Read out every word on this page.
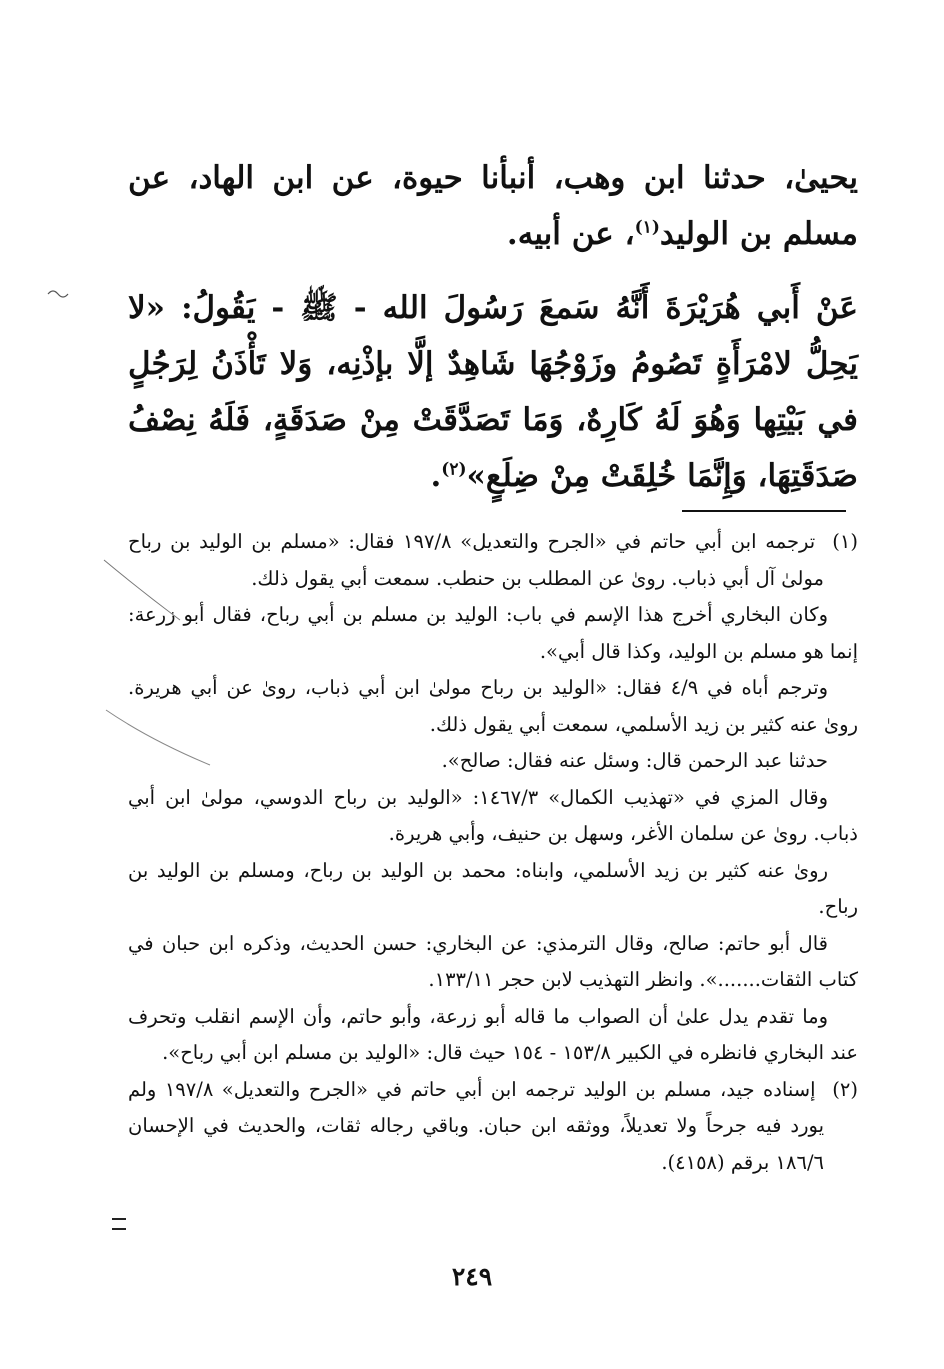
يحيىٰ، حدثنا ابن وهب، أنبأنا حيوة، عن ابن الهاد، عن مسلم بن الوليد$^{(١)}$، عن أبيه.

عَنْ أَبي هُرَيْرَةَ أَنَّهُ سَمعَ رَسُولَ الله - ﷺ - يَقُولُ: «لا يَحِلُّ لامْرَأَةٍ تَصُومُ وزَوْجُهَا شَاهِدٌ إلَّا بإذْنِه، وَلا تَأْذَنُ لِرَجُلٍ في بَيْتِها وَهُوَ لَهُ كَارِهٌ، وَمَا تَصَدَّقَتْ مِنْ صَدَقَةٍ، فَلَهُ نِصْفُ صَدَقَتِهَا، وَإِنَّمَا خُلِقَتْ مِنْ ضِلَعٍ»$^{(٢)}$.

(١) ترجمه ابن أبي حاتم في «الجرح والتعديل» ١٩٧/٨ فقال: «مسلم بن الوليد بن رباح مولىٰ آل أبي ذباب. روىٰ عن المطلب بن حنطب. سمعت أبي يقول ذلك.

وكان البخاري أخرج هذا الإسم في باب: الوليد بن مسلم بن أبي رباح، فقال أبو زرعة: إنما هو مسلم بن الوليد، وكذا قال أبي».

وترجم أباه في ٤/٩ فقال: «الوليد بن رباح مولىٰ ابن أبي ذباب، روىٰ عن أبي هريرة. روىٰ عنه كثير بن زيد الأسلمي، سمعت أبي يقول ذلك.

حدثنا عبد الرحمن قال: وسئل عنه فقال: صالح».

وقال المزي في «تهذيب الكمال» ١٤٦٧/٣: «الوليد بن رباح الدوسي، مولىٰ ابن أبي ذباب. روىٰ عن سلمان الأغر، وسهل بن حنيف، وأبي هريرة.

روىٰ عنه كثير بن زيد الأسلمي، وابناه: محمد بن الوليد بن رباح، ومسلم بن الوليد بن رباح.

قال أبو حاتم: صالح، وقال الترمذي: عن البخاري: حسن الحديث، وذكره ابن حبان في كتاب الثقات.......». وانظر التهذيب لابن حجر ١٣٣/١١.

وما تقدم يدل علىٰ أن الصواب ما قاله أبو زرعة، وأبو حاتم، وأن الإسم انقلب وتحرف عند البخاري فانظره في الكبير ١٥٣/٨ - ١٥٤ حيث قال: «الوليد بن مسلم ابن أبي رباح».

(٢) إسناده جيد، مسلم بن الوليد ترجمه ابن أبي حاتم في «الجرح والتعديل» ١٩٧/٨ ولم يورد فيه جرحاً ولا تعديلاً، ووثقه ابن حبان. وباقي رجاله ثقات، والحديث في الإحسان ١٨٦/٦ برقم (٤١٥٨).

٢٤٩
